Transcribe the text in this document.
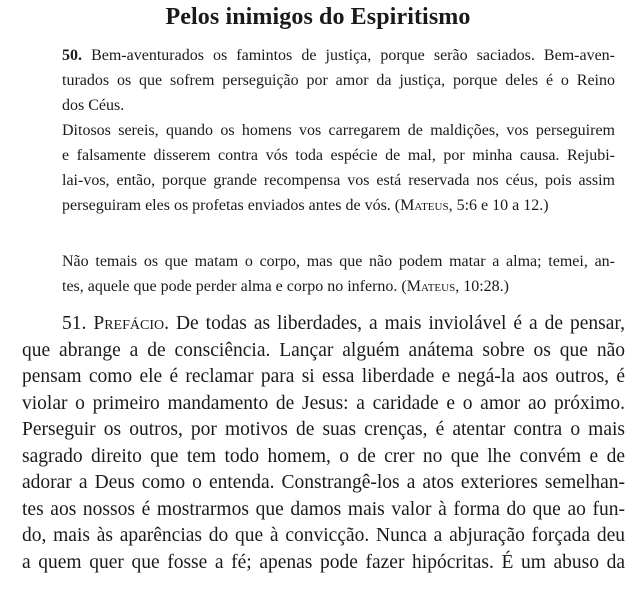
Pelos inimigos do Espiritismo
50. Bem-aventurados os famintos de justiça, porque serão saciados. Bem-aven-
turados os que sofrem perseguição por amor da justiça, porque deles é o Reino
dos Céus.
Ditosos sereis, quando os homens vos carregarem de maldições, vos perseguirem
e falsamente disserem contra vós toda espécie de mal, por minha causa. Rejubi-
lai-vos, então, porque grande recompensa vos está reservada nos céus, pois assim
perseguiram eles os profetas enviados antes de vós. (Mateus, 5:6 e 10 a 12.)
Não temais os que matam o corpo, mas que não podem matar a alma; temei, an-
tes, aquele que pode perder alma e corpo no inferno. (Mateus, 10:28.)
51. Prefácio. De todas as liberdades, a mais inviolável é a de pensar,
que abrange a de consciência. Lançar alguém anátema sobre os que não
pensam como ele é reclamar para si essa liberdade e negá-la aos outros, é
violar o primeiro mandamento de Jesus: a caridade e o amor ao próximo.
Perseguir os outros, por motivos de suas crenças, é atentar contra o mais
sagrado direito que tem todo homem, o de crer no que lhe convém e de
adorar a Deus como o entenda. Constrangê-los a atos exteriores semelhan-
tes aos nossos é mostrarmos que damos mais valor à forma do que ao fun-
do, mais às aparências do que à convicção. Nunca a abjuração forçada deu
a quem quer que fosse a fé; apenas pode fazer hipócritas. É um abuso da
